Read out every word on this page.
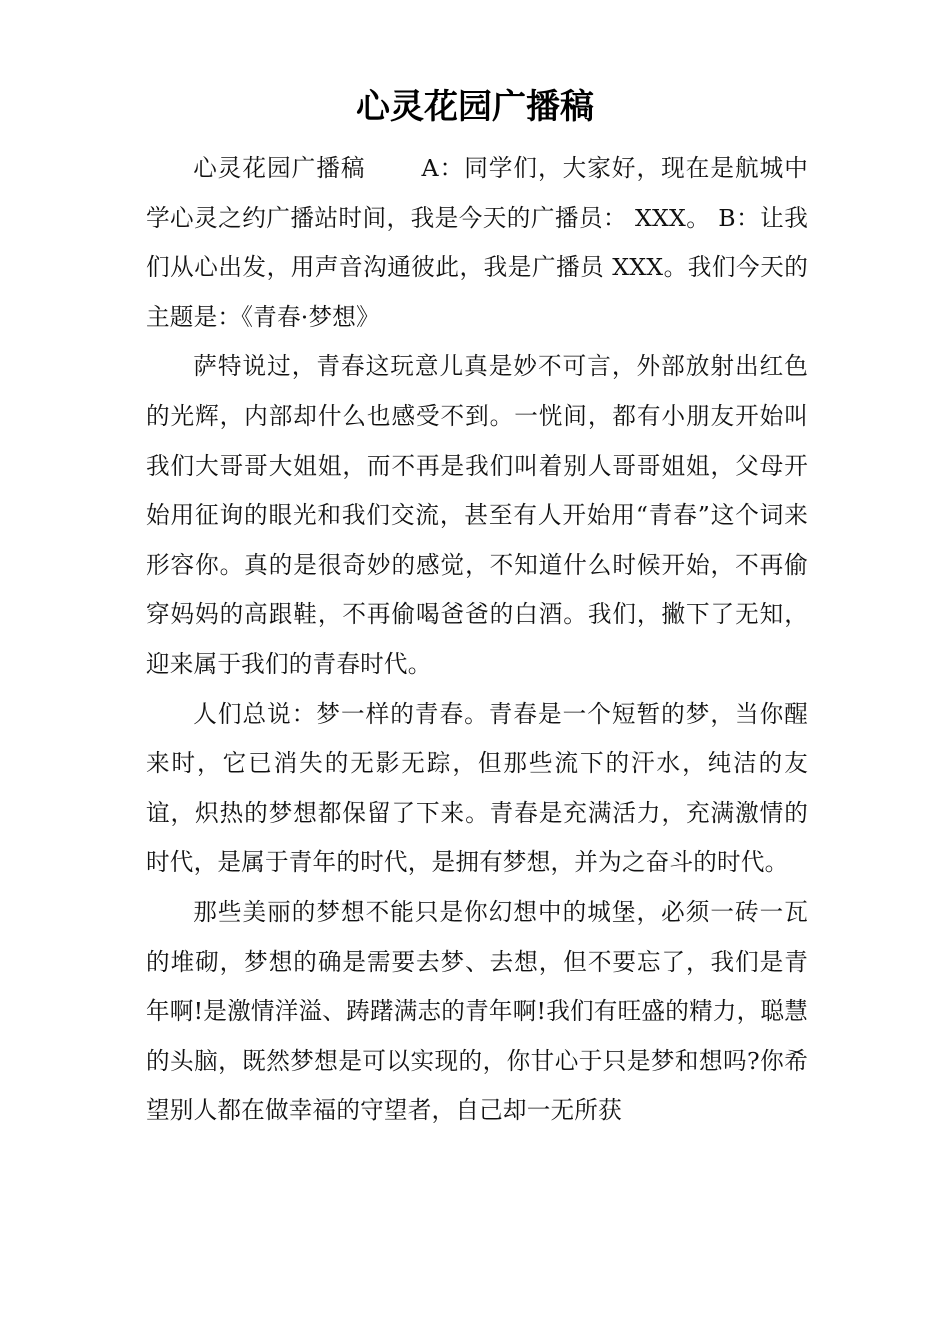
心灵花园广播稿

心灵花园广播稿 A：同学们，大家好，现在是航城中学心灵之约广播站时间，我是今天的广播员： XXX。 B：让我们从心出发，用声音沟通彼此，我是广播员 XXX。我们今天的主题是：《青春·梦想》

萨特说过，青春这玩意儿真是妙不可言，外部放射出红色的光辉，内部却什么也感受不到。一恍间，都有小朋友开始叫我们大哥哥大姐姐，而不再是我们叫着别人哥哥姐姐，父母开始用征询的眼光和我们交流，甚至有人开始用“青春”这个词来形容你。真的是很奇妙的感觉，不知道什么时候开始，不再偷穿妈妈的高跟鞋，不再偷喝爸爸的白酒。我们，撇下了无知，迎来属于我们的青春时代。

人们总说：梦一样的青春。青春是一个短暂的梦，当你醒来时，它已消失的无影无踪，但那些流下的汗水，纯洁的友谊，炽热的梦想都保留了下来。青春是充满活力，充满激情的时代，是属于青年的时代，是拥有梦想，并为之奋斗的时代。

那些美丽的梦想不能只是你幻想中的城堡，必须一砖一瓦的堆砌，梦想的确是需要去梦、去想，但不要忘了，我们是青年啊!是激情洋溢、踌躇满志的青年啊!我们有旺盛的精力，聪慧的头脑，既然梦想是可以实现的，你甘心于只是梦和想吗?你希望别人都在做幸福的守望者，自己却一无所获
